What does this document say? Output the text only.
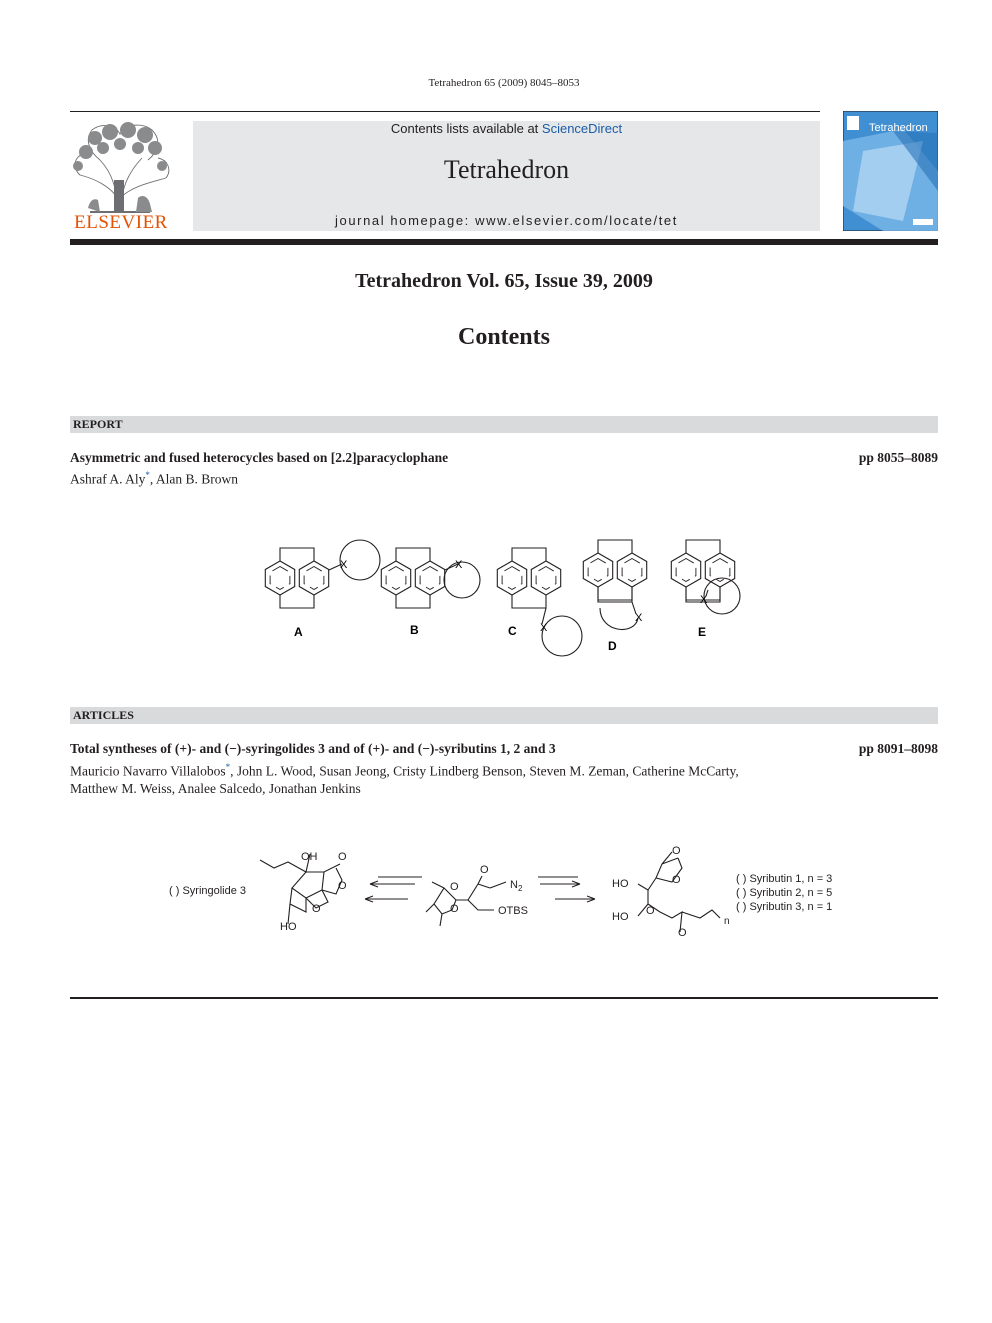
Tetrahedron 65 (2009) 8045–8053
ELSEVIER
Contents lists available at ScienceDirect
Tetrahedron
journal homepage: www.elsevier.com/locate/tet
Tetrahedron
Tetrahedron Vol. 65, Issue 39, 2009
Contents
REPORT
Asymmetric and fused heterocycles based on [2.2]paracyclophane	pp 8055–8089
Ashraf A. Aly*, Alan B. Brown
X	X
X
X
X
A	B	C
D
E
ARTICLES
Total syntheses of (+)- and (−)-syringolides 3 and of (+)- and (−)-syributins 1, 2 and 3	pp 8091–8098
Mauricio Navarro Villalobos*, John L. Wood, Susan Jeong, Cristy Lindberg Benson, Steven M. Zeman, Catherine McCarty,
Matthew M. Weiss, Analee Salcedo, Jonathan Jenkins
( ) Syringolide 3
OH O
O
O
HO
O
O
O
$N_2$
OTBS
O
O
HO
HO O
O
n
( ) Syributin 1, n = 3
( ) Syributin 2, n = 5
( ) Syributin 3, n = 1
